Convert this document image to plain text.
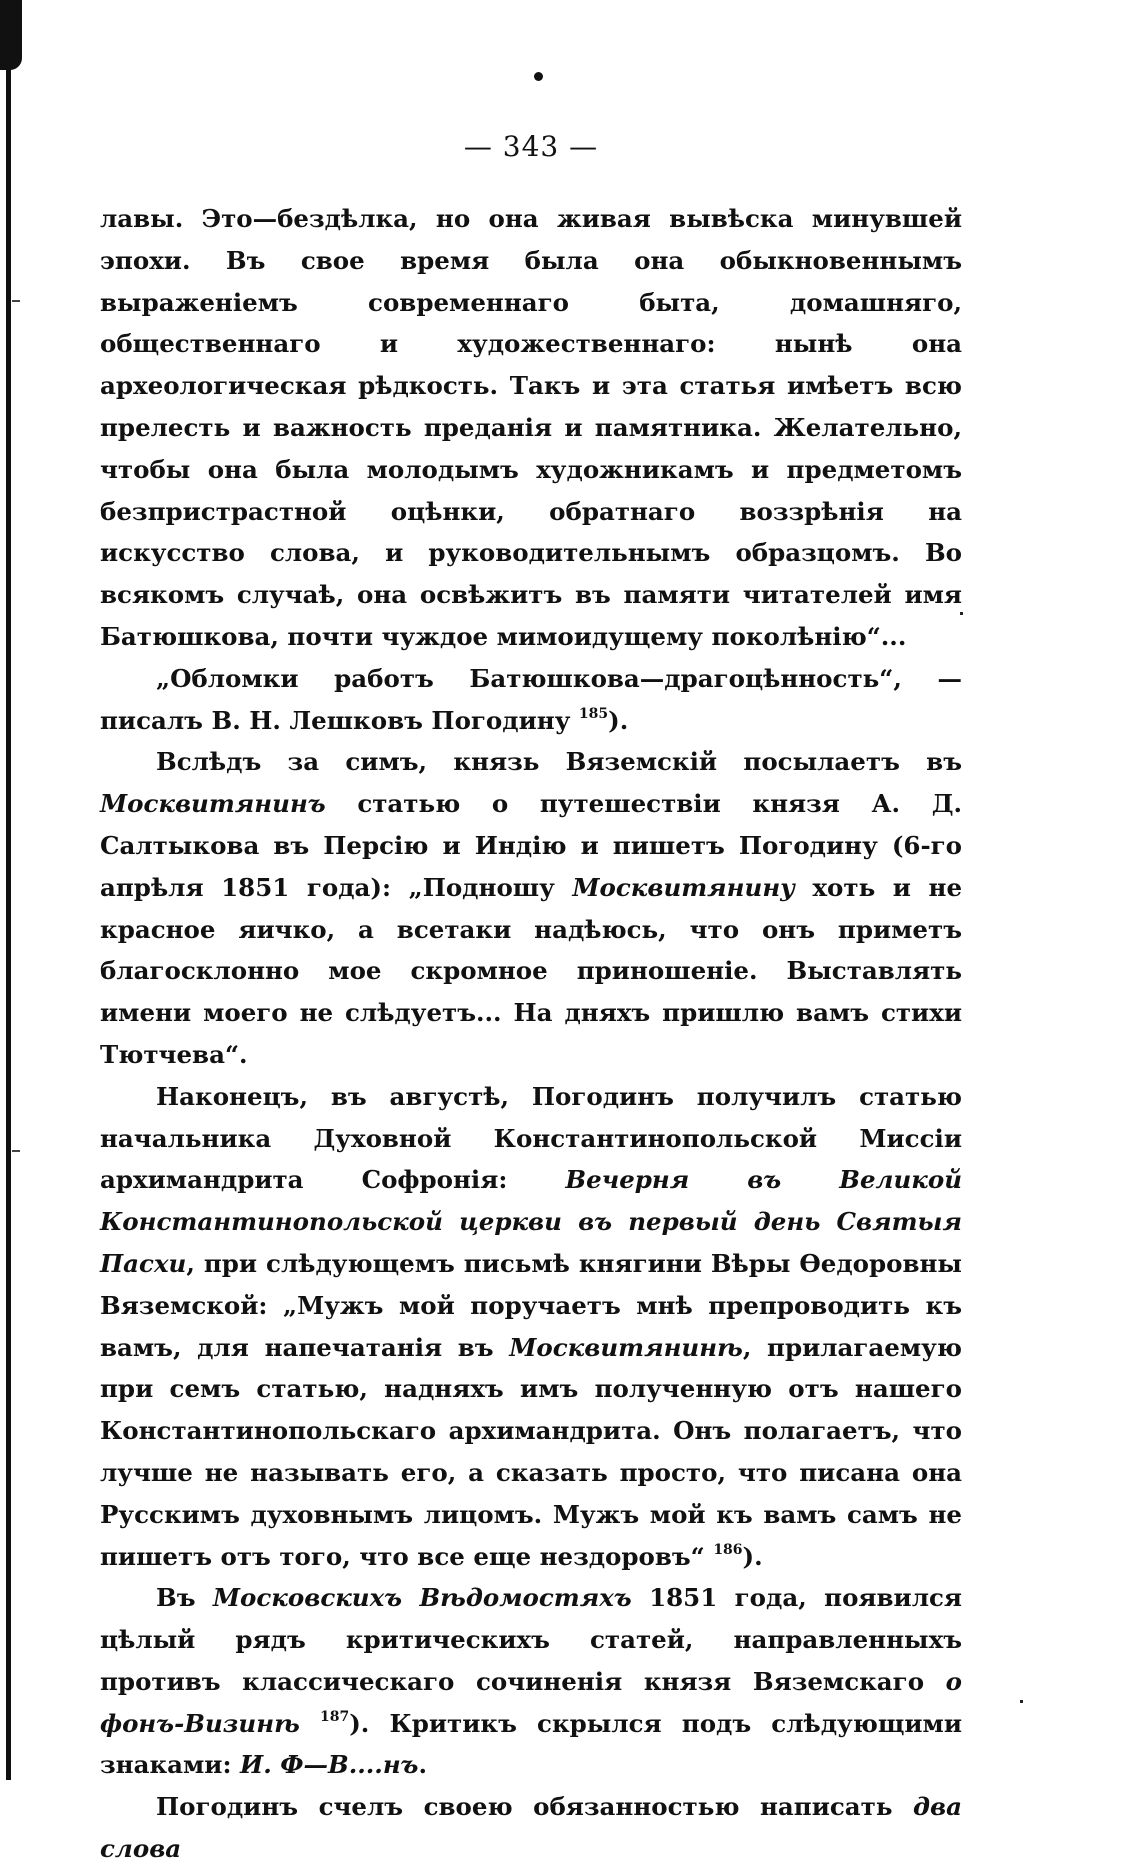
— 343 —

лавы. Это—бездѣлка, но она живая вывѣска минувшей эпохи. Въ свое время была она обыкновеннымъ выраженіемъ современнаго быта, домашняго, общественнаго и художественнаго: нынѣ она археологическая рѣдкость. Такъ и эта статья имѣетъ всю прелесть и важность преданія и памятника. Желательно, чтобы она была молодымъ художникамъ и предметомъ безпристрастной оцѣнки, обратнаго воззрѣнія на искусство слова, и руководительнымъ образцомъ. Во всякомъ случаѣ, она освѣжитъ въ памяти читателей имя Батюшкова, почти чуждое мимоидущему поколѣнію“...

„Обломки работъ Батюшкова—драгоцѣнность“, — писалъ В. Н. Лешковъ Погодину $^{185}$).

Вслѣдъ за симъ, князь Вяземскій посылаетъ въ Москвитянинъ статью о путешествіи князя А. Д. Салтыкова въ Персію и Индію и пишетъ Погодину (6-го апрѣля 1851 года): „Подношу Москвитянину хоть и не красное яичко, а всетаки надѣюсь, что онъ приметъ благосклонно мое скромное приношеніе. Выставлять имени моего не слѣдуетъ... На дняхъ пришлю вамъ стихи Тютчева“.

Наконецъ, въ августѣ, Погодинъ получилъ статью начальника Духовной Константинопольской Миссіи архимандрита Софронія: Вечерня въ Великой Константинопольской церкви въ первый день Святыя Пасхи, при слѣдующемъ письмѣ княгини Вѣры Ѳедоровны Вяземской: „Мужъ мой поручаетъ мнѣ препроводить къ вамъ, для напечатанія въ Москвитянинѣ, прилагаемую при семъ статью, надняхъ имъ полученную отъ нашего Константинопольскаго архимандрита. Онъ полагаетъ, что лучше не называть его, а сказать просто, что писана она Русскимъ духовнымъ лицомъ. Мужъ мой къ вамъ самъ не пишетъ отъ того, что все еще нездоровъ“ $^{186}$).

Въ Московскихъ Вѣдомостяхъ 1851 года, появился цѣлый рядъ критическихъ статей, направленныхъ противъ классическаго сочиненія князя Вяземскаго о фонъ-Визинѣ $^{187}$). Критикъ скрылся подъ слѣдующими знаками: И. Ф—В....нъ.

Погодинъ счелъ своею обязанностью написать два слова
